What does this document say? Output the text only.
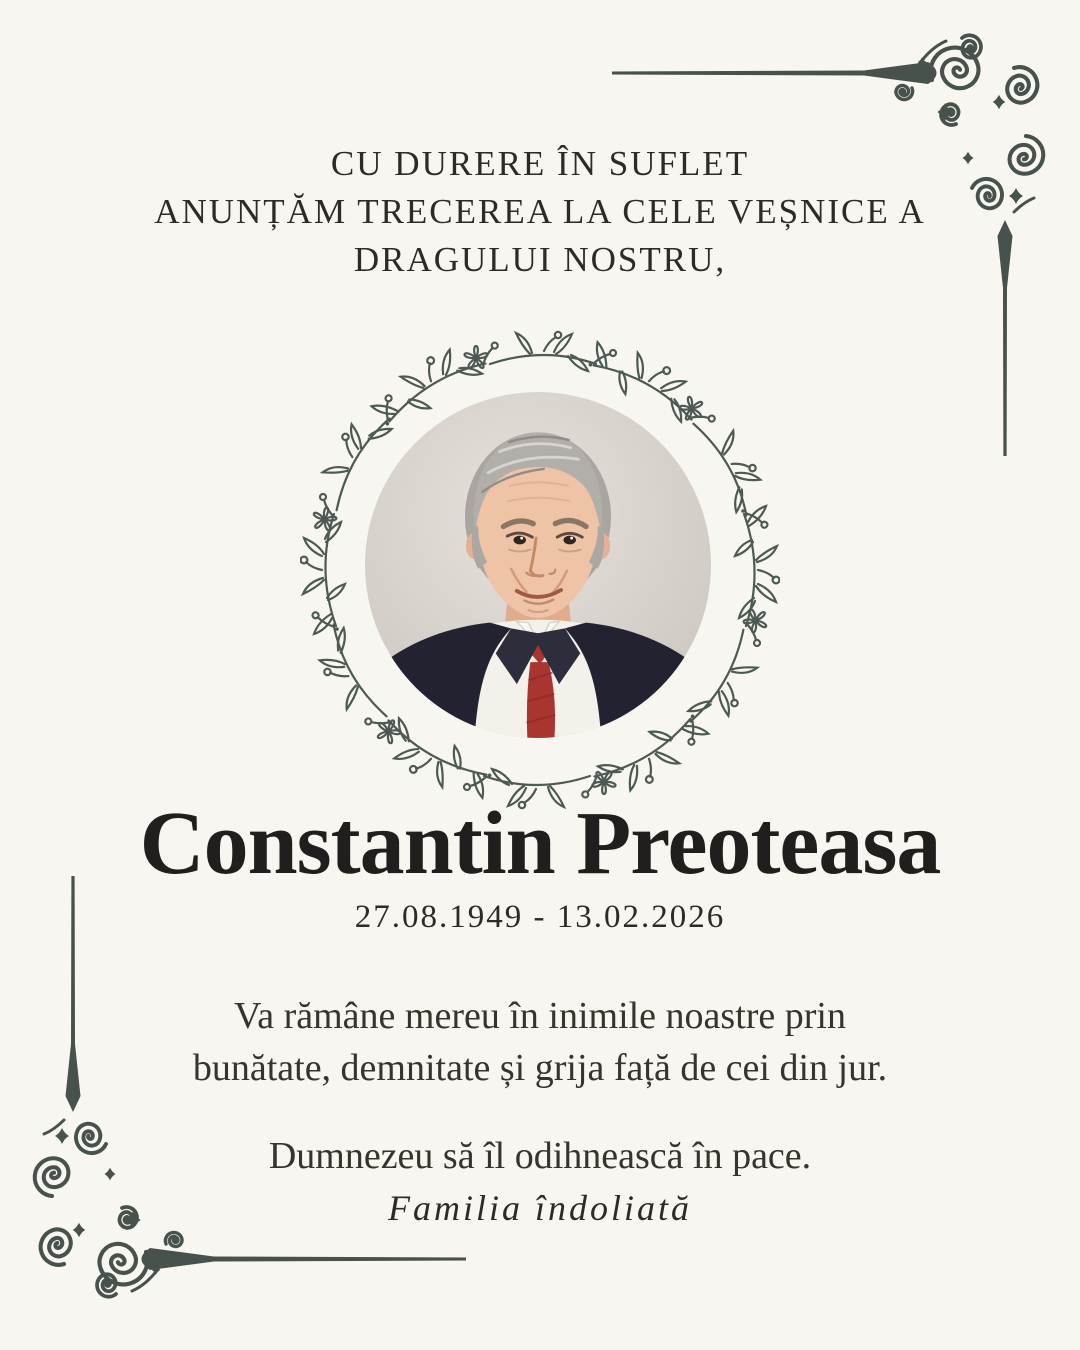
CU DURERE ÎN SUFLET
ANUNȚĂM TRECEREA LA CELE VEȘNICE A
DRAGULUI NOSTRU,
Constantin Preoteasa
27.08.1949 - 13.02.2026

Va rămâne mereu în inimile noastre prin
bunătate, demnitate și grija față de cei din jur.

Dumnezeu să îl odihnească în pace.

Familia îndoliată
